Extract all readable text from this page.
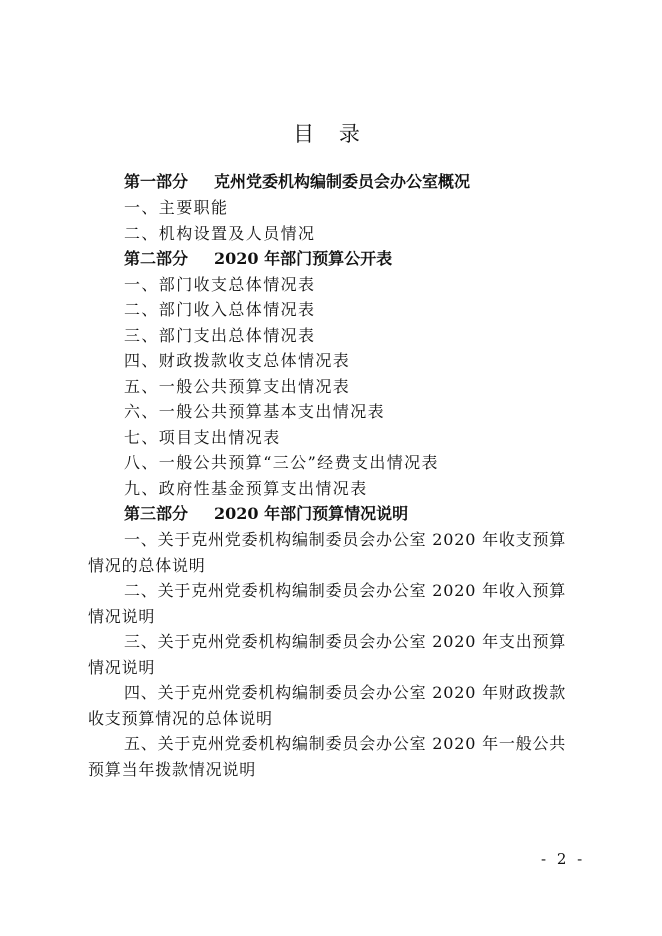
目 录
第一部分 克州党委机构编制委员会办公室概况
一、主要职能
二、机构设置及人员情况
第二部分 2020 年部门预算公开表
一、部门收支总体情况表
二、部门收入总体情况表
三、部门支出总体情况表
四、财政拨款收支总体情况表
五、一般公共预算支出情况表
六、一般公共预算基本支出情况表
七、项目支出情况表
八、一般公共预算“三公”经费支出情况表
九、政府性基金预算支出情况表
第三部分 2020 年部门预算情况说明
一、关于克州党委机构编制委员会办公室 2020 年收支预算
情况的总体说明
二、关于克州党委机构编制委员会办公室 2020 年收入预算
情况说明
三、关于克州党委机构编制委员会办公室 2020 年支出预算
情况说明
四、关于克州党委机构编制委员会办公室 2020 年财政拨款
收支预算情况的总体说明
五、关于克州党委机构编制委员会办公室 2020 年一般公共
预算当年拨款情况说明
- 2 -
